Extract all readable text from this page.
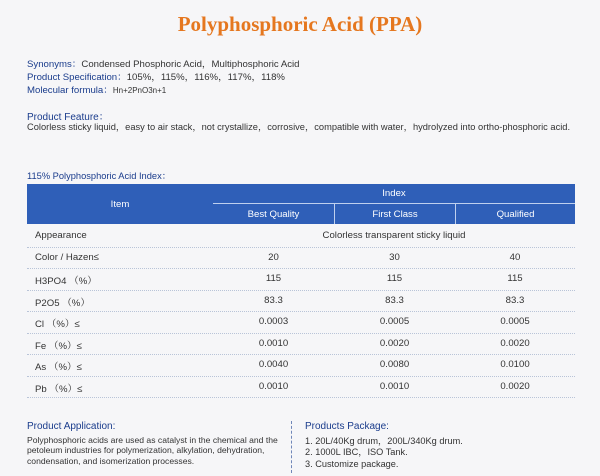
Polyphosphoric Acid (PPA)
Synonyms：Condensed Phosphoric Acid，Multiphosphoric Acid
Product Specification：105%，115%，116%，117%，118%
Molecular formula：Hn+2PnO3n+1
Product Feature：
Colorless sticky liquid，easy to air stack，not crystallize，corrosive，compatible with water，hydrolyzed into ortho-phosphoric acid.
115% Polyphosphoric Acid Index：
Item
Index
Best Quality	First Class	Qualified
Appearance	Colorless transparent sticky liquid
Color / Hazen≤	20	30	40
H3PO4 （%）	115	115	115
P2O5 （%）	83.3	83.3	83.3
Cl （%）≤	0.0003	0.0005	0.0005
Fe （%）≤	0.0010	0.0020	0.0020
As （%）≤	0.0040	0.0080	0.0100
Pb （%）≤	0.0010	0.0010	0.0020
Product Application:
Polyphosphoric acids are used as catalyst in the chemical and the petoleum industries for polymerization, alkylation, dehydration, condensation, and isomerization processes.
Products Package:
1. 20L/40Kg drum，200L/340Kg drum.
2. 1000L IBC，ISO Tank.
3. Customize package.
